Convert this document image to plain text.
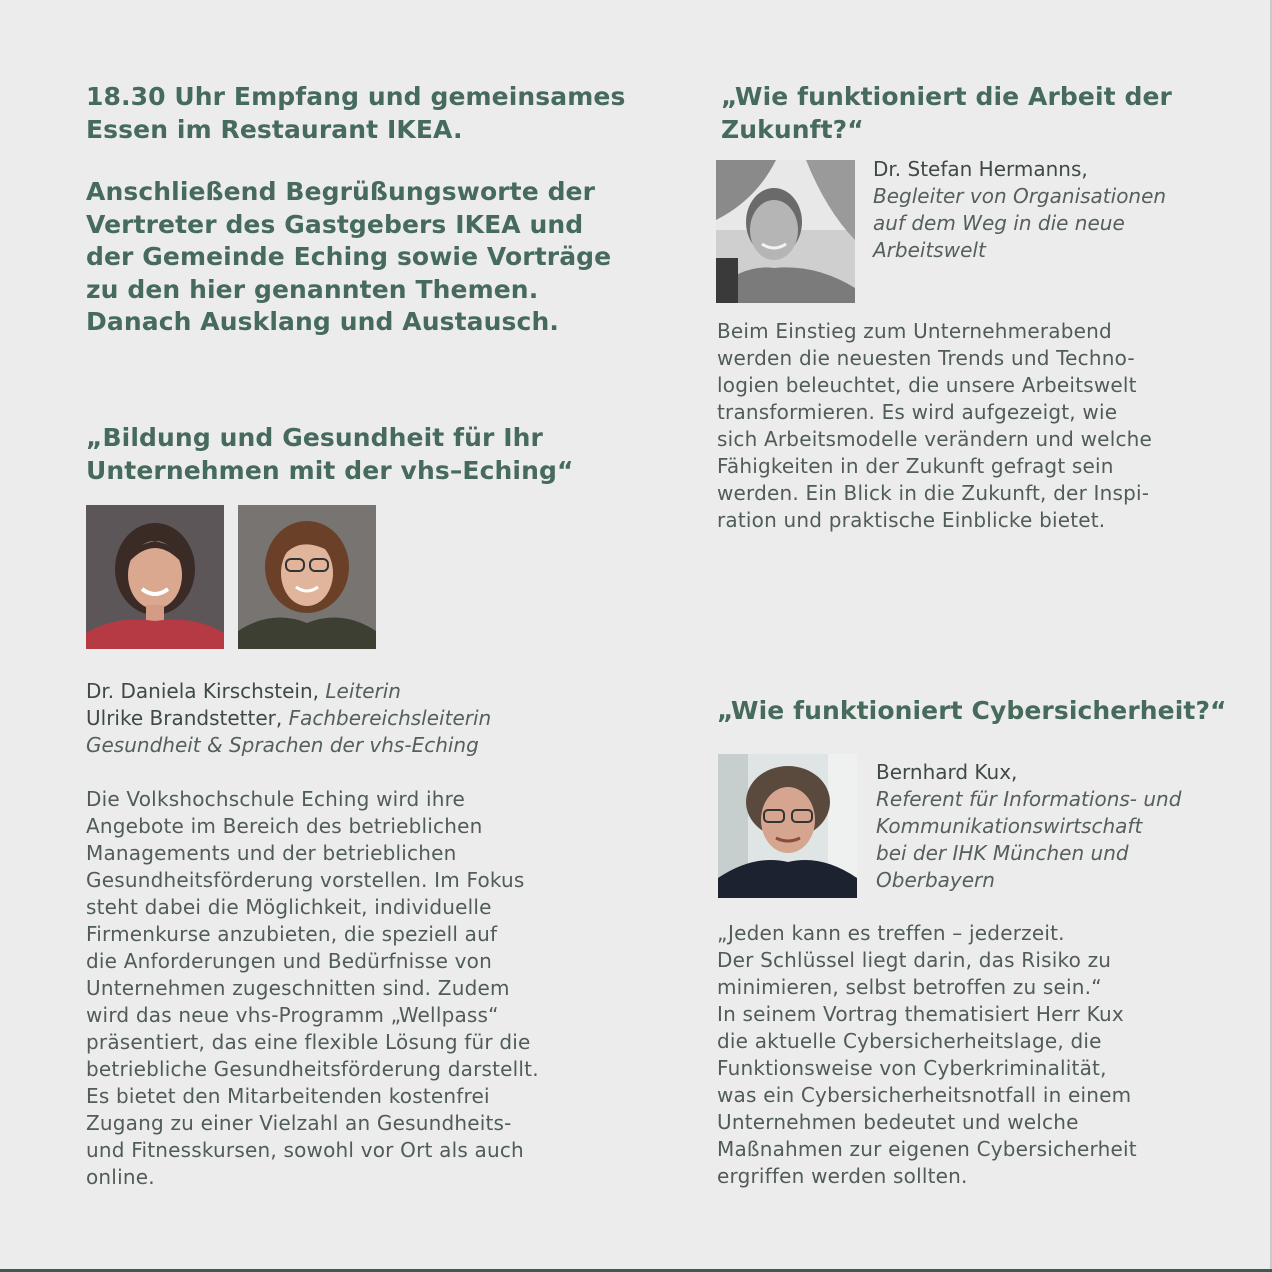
18.30 Uhr Empfang und gemeinsames

Essen im Restaurant IKEA.

Anschließend Begrüßungsworte der
Vertreter des Gastgebers IKEA und
der Gemeinde Eching sowie Vorträge
zu den hier genannten Themen.
Danach Ausklang und Austausch.

„Bildung und Gesundheit für Ihr
Unternehmen mit der vhs–Eching“

Dr. Daniela Kirschstein, Leiterin
Ulrike Brandstetter, Fachbereichsleiterin
Gesundheit & Sprachen der vhs-Eching

Die Volkshochschule Eching wird ihre
Angebote im Bereich des betrieblichen
Managements und der betrieblichen
Gesundheitsförderung vorstellen. Im Fokus
steht dabei die Möglichkeit, individuelle
Firmenkurse anzubieten, die speziell auf
die Anforderungen und Bedürfnisse von
Unternehmen zugeschnitten sind. Zudem
wird das neue vhs-Programm „Wellpass“
präsentiert, das eine flexible Lösung für die
betriebliche Gesundheitsförderung darstellt.
Es bietet den Mitarbeitenden kostenfrei
Zugang zu einer Vielzahl an Gesundheits-
und Fitnesskursen, sowohl vor Ort als auch
online.

„Wie funktioniert die Arbeit der
Zukunft?“

Dr. Stefan Hermanns,
Begleiter von Organisationen
auf dem Weg in die neue
Arbeitswelt

Beim Einstieg zum Unternehmerabend
werden die neuesten Trends und Techno-
logien beleuchtet, die unsere Arbeitswelt
transformieren. Es wird aufgezeigt, wie
sich Arbeitsmodelle verändern und welche
Fähigkeiten in der Zukunft gefragt sein
werden. Ein Blick in die Zukunft, der Inspi-
ration und praktische Einblicke bietet.

„Wie funktioniert Cybersicherheit?“

Bernhard Kux,
Referent für Informations- und
Kommunikationswirtschaft
bei der IHK München und
Oberbayern

„Jeden kann es treffen – jederzeit.
Der Schlüssel liegt darin, das Risiko zu
minimieren, selbst betroffen zu sein.“
In seinem Vortrag thematisiert Herr Kux
die aktuelle Cybersicherheitslage, die
Funktionsweise von Cyberkriminalität,
was ein Cybersicherheitsnotfall in einem
Unternehmen bedeutet und welche
Maßnahmen zur eigenen Cybersicherheit
ergriffen werden sollten.
